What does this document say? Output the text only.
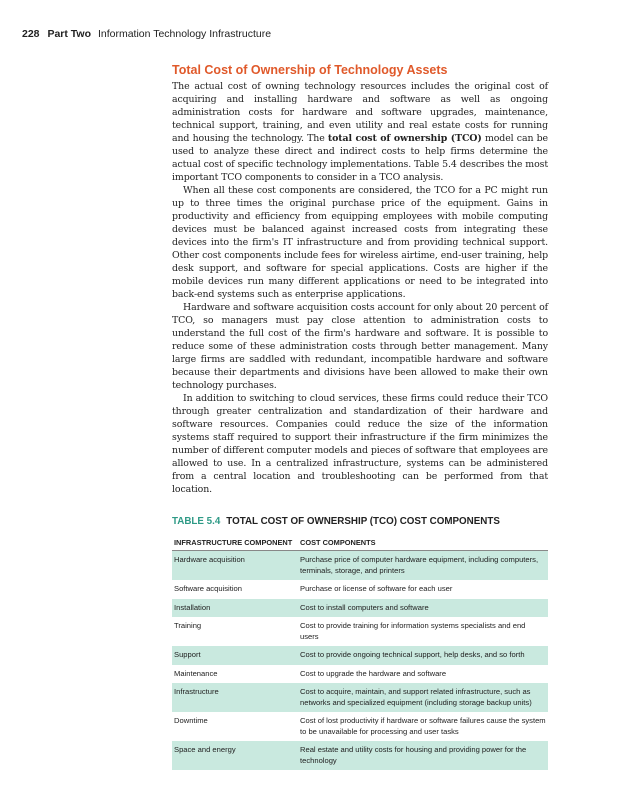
228 Part Two Information Technology Infrastructure
Total Cost of Ownership of Technology Assets

The actual cost of owning technology resources includes the original cost of acquiring and installing hardware and software as well as ongoing administration costs for hardware and software upgrades, maintenance, technical support, training, and even utility and real estate costs for running and housing the technology. The total cost of ownership (TCO) model can be used to analyze these direct and indirect costs to help firms determine the actual cost of specific technology implementations. Table 5.4 describes the most important TCO components to consider in a TCO analysis.

When all these cost components are considered, the TCO for a PC might run up to three times the original purchase price of the equipment. Gains in productivity and efficiency from equipping employees with mobile computing devices must be balanced against increased costs from integrating these devices into the firm's IT infrastructure and from providing technical support. Other cost components include fees for wireless airtime, end-user training, help desk support, and software for special applications. Costs are higher if the mobile devices run many different applications or need to be integrated into back-end systems such as enterprise applications.

Hardware and software acquisition costs account for only about 20 percent of TCO, so managers must pay close attention to administration costs to understand the full cost of the firm's hardware and software. It is possible to reduce some of these administration costs through better management. Many large firms are saddled with redundant, incompatible hardware and software because their departments and divisions have been allowed to make their own technology purchases.

In addition to switching to cloud services, these firms could reduce their TCO through greater centralization and standardization of their hardware and software resources. Companies could reduce the size of the information systems staff required to support their infrastructure if the firm minimizes the number of different computer models and pieces of software that employees are allowed to use. In a centralized infrastructure, systems can be administered from a central location and troubleshooting can be performed from that location.

TABLE 5.4 TOTAL COST OF OWNERSHIP (TCO) COST COMPONENTS
INFRASTRUCTURE COMPONENT	COST COMPONENTS
Hardware acquisition	Purchase price of computer hardware equipment, including computers, terminals, storage, and printers
Software acquisition	Purchase or license of software for each user
Installation	Cost to install computers and software
Training	Cost to provide training for information systems specialists and end users
Support	Cost to provide ongoing technical support, help desks, and so forth
Maintenance	Cost to upgrade the hardware and software
Infrastructure	Cost to acquire, maintain, and support related infrastructure, such as networks and specialized equipment (including storage backup units)
Downtime	Cost of lost productivity if hardware or software failures cause the system to be unavailable for processing and user tasks
Space and energy	Real estate and utility costs for housing and providing power for the technology
